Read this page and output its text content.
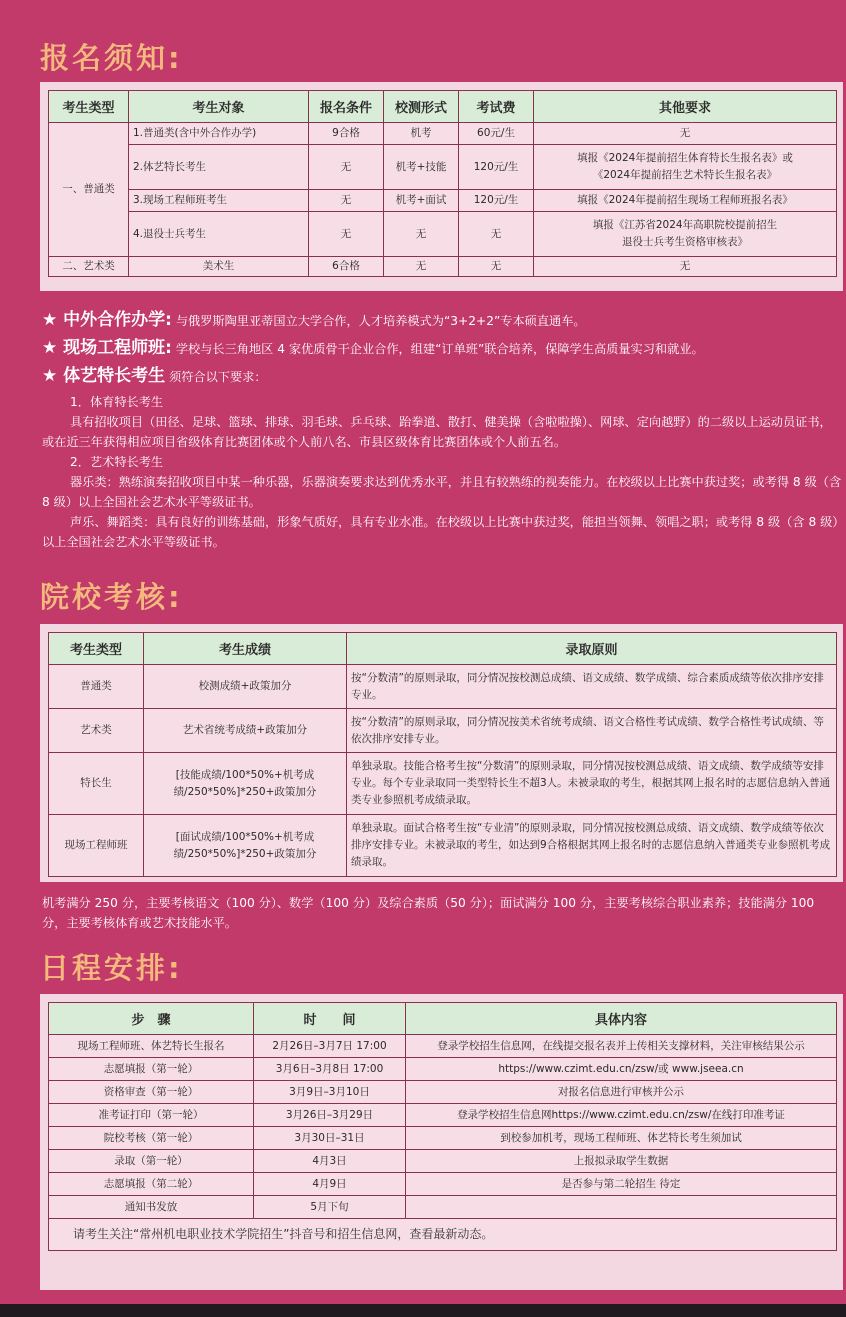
报名须知:
考生类型	考生对象	报名条件	校测形式	考试费	其他要求
一、普通类	1.普通类(含中外合作办学)	9合格	机考	60元/生	无
	2.体艺特长考生	无	机考+技能	120元/生	填报《2024年提前招生体育特长生报名表》或
《2024年提前招生艺术特长生报名表》
	3.现场工程师班考生	无	机考+面试	120元/生	填报《2024年提前招生现场工程师班报名表》
	4.退役士兵考生	无	无	无	填报《江苏省2024年高职院校提前招生
退役士兵考生资格审核表》
二、艺术类	美术生	6合格	无	无	无
★ 中外合作办学: 与俄罗斯陶里亚蒂国立大学合作，人才培养模式为“3+2+2”专本硕直通车。
★ 现场工程师班: 学校与长三角地区 4 家优质骨干企业合作，组建“订单班”联合培养，保障学生高质量实习和就业。
★ 体艺特长考生 须符合以下要求：
1．体育特长考生
具有招收项目（田径、足球、篮球、排球、羽毛球、乒乓球、跆拳道、散打、健美操（含啦啦操）、网球、定向越野）的二级以上运动员证书，或在近三年获得相应项目省级体育比赛团体或个人前八名、市县区级体育比赛团体或个人前五名。
2．艺术特长考生
器乐类：熟练演奏招收项目中某一种乐器，乐器演奏要求达到优秀水平，并且有较熟练的视奏能力。在校级以上比赛中获过奖；或考得 8 级（含 8 级）以上全国社会艺术水平等级证书。
声乐、舞蹈类：具有良好的训练基础，形象气质好，具有专业水准。在校级以上比赛中获过奖，能担当领舞、领唱之职；或考得 8 级（含 8 级）以上全国社会艺术水平等级证书。
院校考核:
考生类型	考生成绩	录取原则
普通类	校测成绩+政策加分	按“分数清”的原则录取，同分情况按校测总成绩、语文成绩、数学成绩、综合素质成绩等依次排序安排专业。
艺术类	艺术省统考成绩+政策加分	按“分数清”的原则录取，同分情况按美术省统考成绩、语文合格性考试成绩、数学合格性考试成绩、等依次排序安排专业。
特长生	[技能成绩/100*50%+机考成绩/250*50%]*250+政策加分	单独录取。技能合格考生按“分数清”的原则录取，同分情况按校测总成绩、语文成绩、数学成绩等安排专业。每个专业录取同一类型特长生不超3人。未被录取的考生，根据其网上报名时的志愿信息纳入普通类专业参照机考成绩录取。
现场工程师班	[面试成绩/100*50%+机考成绩/250*50%]*250+政策加分	单独录取。面试合格考生按“专业清”的原则录取，同分情况按校测总成绩、语文成绩、数学成绩等依次排序安排专业。未被录取的考生，如达到9合格根据其网上报名时的志愿信息纳入普通类专业参照机考成绩录取。
机考满分 250 分，主要考核语文（100 分）、数学（100 分）及综合素质（50 分）；面试满分 100 分，主要考核综合职业素养；技能满分 100 分，主要考核体育或艺术技能水平。
日程安排:
步　骤	时　　间	具体内容
现场工程师班、体艺特长生报名	2月26日–3月7日 17:00	登录学校招生信息网，在线提交报名表并上传相关支撑材料，关注审核结果公示
志愿填报（第一轮）	3月6日–3月8日 17:00	https://www.czimt.edu.cn/zsw/或 www.jseea.cn
资格审查（第一轮）	3月9日–3月10日	对报名信息进行审核并公示
准考证打印（第一轮）	3月26日–3月29日	登录学校招生信息网https://www.czimt.edu.cn/zsw/在线打印准考证
院校考核（第一轮）	3月30日–31日	到校参加机考，现场工程师班、体艺特长考生须加试
录取（第一轮）	4月3日	上报拟录取学生数据
志愿填报（第二轮）	4月9日	是否参与第二轮招生 待定
通知书发放	5月下旬	
请考生关注“常州机电职业技术学院招生”抖音号和招生信息网，查看最新动态。		
